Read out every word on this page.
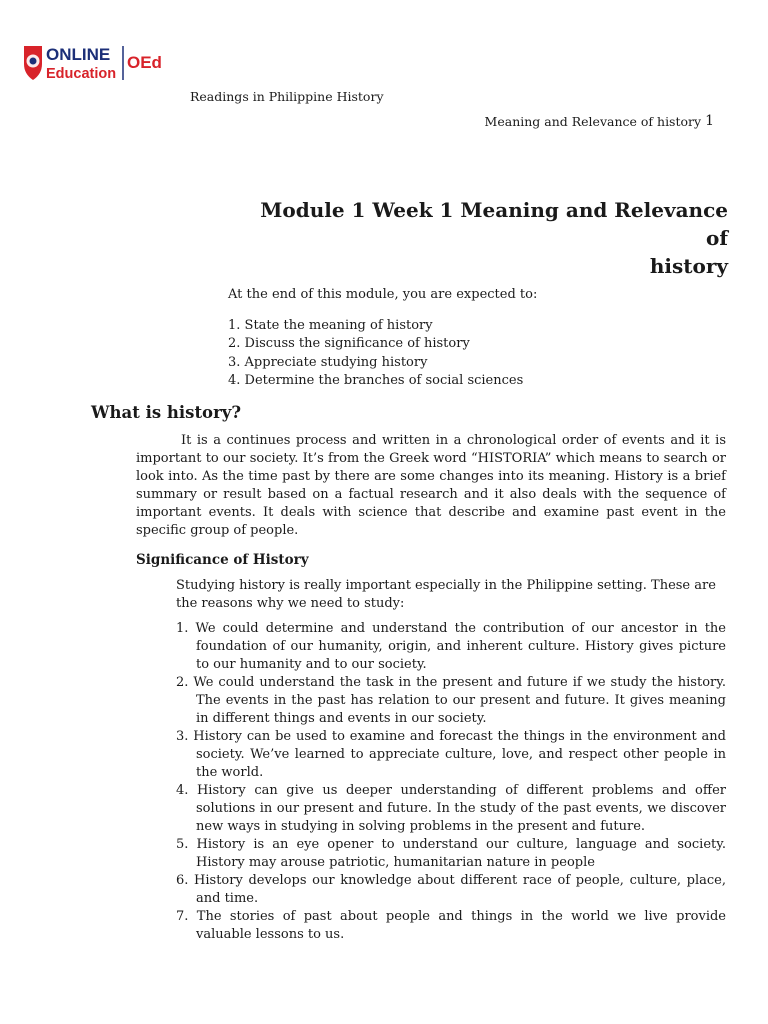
ONLINE
Education
OEd
Readings in Philippine History
Meaning and Relevance of history 1
Module 1 Week 1 Meaning and Relevance of
history
At the end of this module, you are expected to:
1. State the meaning of history
2. Discuss the significance of history
3. Appreciate studying history
4. Determine the branches of social sciences
What is history?

It is a continues process and written in a chronological order of events and it is important to our society. It’s from the Greek word “HISTORIA” which means to search or look into. As the time past by there are some changes into its meaning. History is a brief summary or result based on a factual research and it also deals with the sequence of important events. It deals with science that describe and examine past event in the specific group of people.

Significance of History

Studying history is really important especially in the Philippine setting. These are the reasons why we need to study:

1. We could determine and understand the contribution of our ancestor in the foundation of our humanity, origin, and inherent culture. History gives picture to our humanity and to our society.
2. We could understand the task in the present and future if we study the history. The events in the past has relation to our present and future. It gives meaning in different things and events in our society.
3. History can be used to examine and forecast the things in the environment and society. We’ve learned to appreciate culture, love, and respect other people in the world.
4. History can give us deeper understanding of different problems and offer solutions in our present and future. In the study of the past events, we discover new ways in studying in solving problems in the present and future.
5. History is an eye opener to understand our culture, language and society. History may arouse patriotic, humanitarian nature in people
6. History develops our knowledge about different race of people, culture, place, and time.
7. The stories of past about people and things in the world we live provide valuable lessons to us.
